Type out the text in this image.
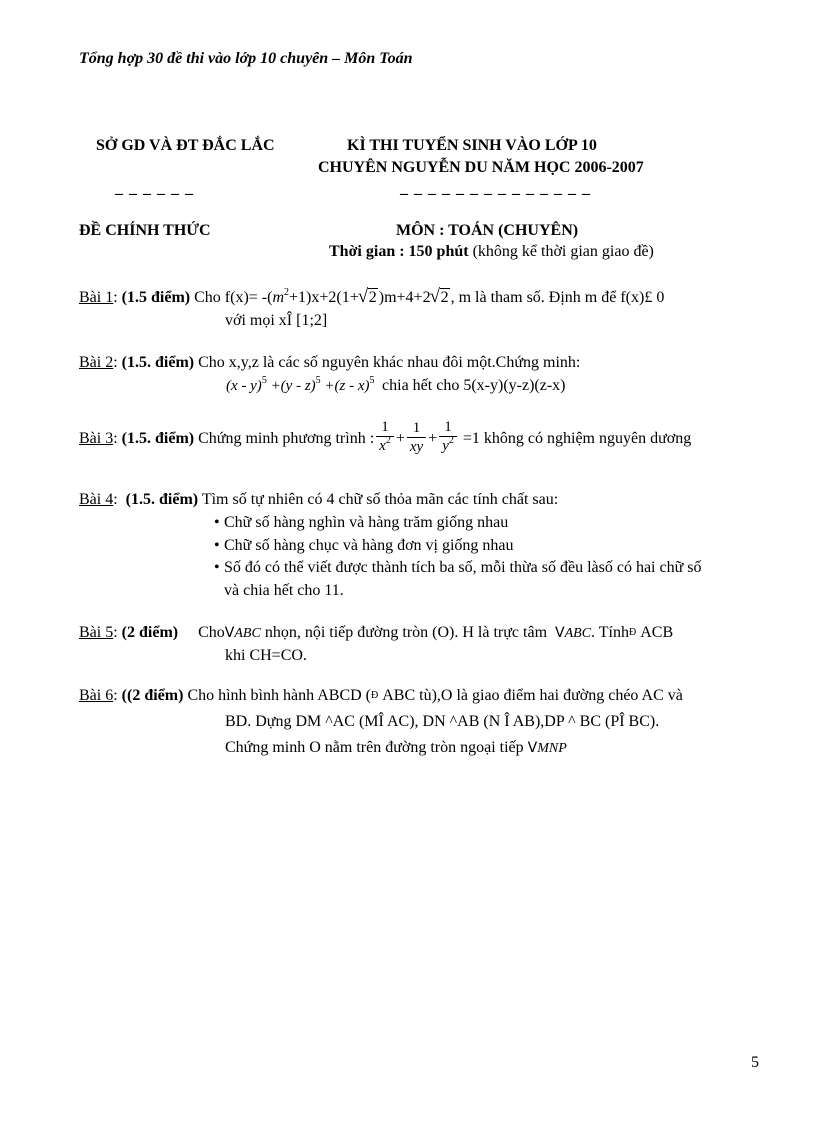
Tổng hợp 30 đề thi vào lớp 10 chuyên – Môn Toán
SỞ GD VÀ ĐT ĐẮC LẮC
– – – – – –
ĐỀ CHÍNH THỨC
KÌ THI TUYỂN SINH VÀO LỚP 10
CHUYÊN NGUYỄN DU NĂM HỌC 2006-2007
– – – – – – – – – – – – – –
MÔN : TOÁN (CHUYÊN)
Thời gian : 150 phút (không kể thời gian giao đề)
Bài 1: (1.5 điểm) Cho $f(x)= -(m^2+1)x+2(1+√$ 2 )m+4+2√ 2 , m là tham số. Định m để f(x)£ 0
với mọi xÎ [1;2]
Bài 2: (1.5. điểm) Cho x,y,z là các số nguyên khác nhau đôi một.Chứng minh:
(x - y)$^5$ +(y - z)$^5$ +(z - x)$^5$ chia hết cho 5(x-y)(y-z)(z-x)
Bài 3: (1.5. điểm) Chứng minh phương trình : $\frac{1}{x^2} + \frac{1}{xy} + \frac{1}{y^2} =1$ không có nghiệm nguyên dương
Bài 4:  (1.5. điểm) Tìm số tự nhiên có 4 chữ số thỏa mãn các tính chất sau:
• Chữ số hàng nghìn và hàng trăm giống nhau
• Chữ số hàng chục và hàng đơn vị giống nhau
• Số đó có thể viết được thành tích ba số, mỗi thừa số đều làsố có hai chữ số
và chia hết cho 11.
Bài 5: (2 điểm) ChoVABC nhọn, nội tiếp đường tròn (O). H là trực tâm  VABC. TínhÐ ACB
khi CH=CO.
Bài 6: ((2 điểm) Cho hình bình hành ABCD (Ð ABC tù),O là giao điểm hai đường chéo AC và
BD. Dựng DM ^AC (MÎ AC), DN ^AB (N Î AB),DP ^ BC (PÎ BC).
Chứng minh O nằm trên đường tròn ngoại tiếp VMNP
5
